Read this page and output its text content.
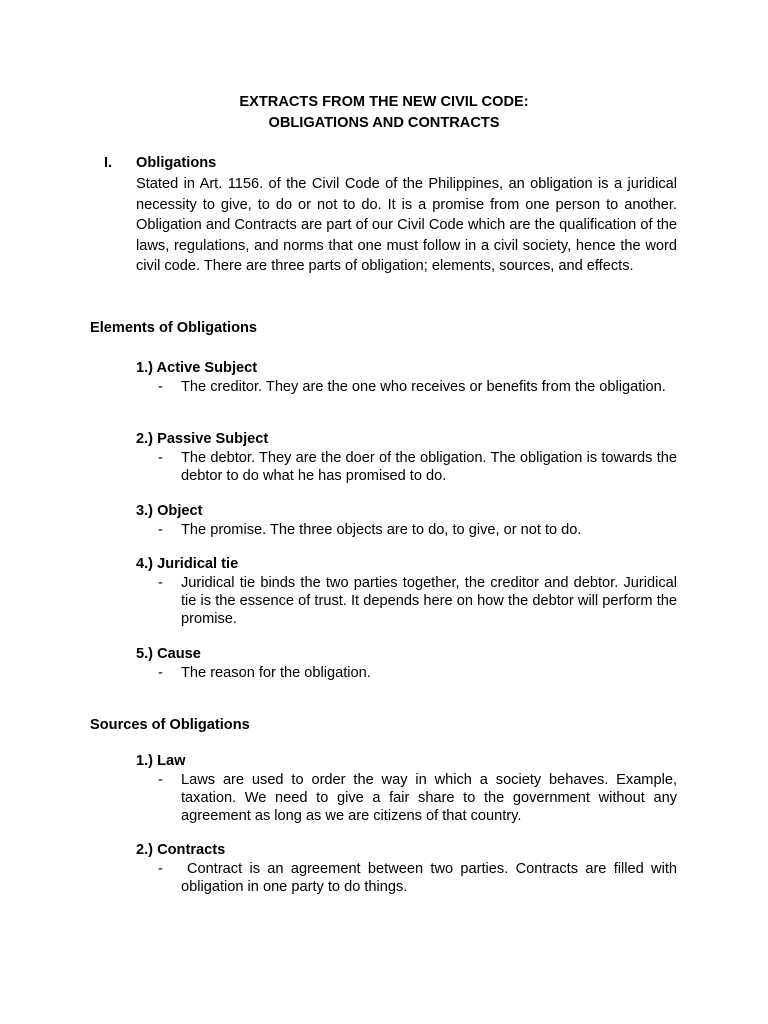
EXTRACTS FROM THE NEW CIVIL CODE:
OBLIGATIONS AND CONTRACTS
I. Obligations

Stated in Art. 1156. of the Civil Code of the Philippines, an obligation is a juridical necessity to give, to do or not to do. It is a promise from one person to another. Obligation and Contracts are part of our Civil Code which are the qualification of the laws, regulations, and norms that one must follow in a civil society, hence the word civil code. There are three parts of obligation; elements, sources, and effects.

Elements of Obligations
1.) Active Subject
- The creditor. They are the one who receives or benefits from the obligation.

2.) Passive Subject
- The debtor. They are the doer of the obligation. The obligation is towards the debtor to do what he has promised to do.

3.) Object
- The promise. The three objects are to do, to give, or not to do.

4.) Juridical tie
- Juridical tie binds the two parties together, the creditor and debtor. Juridical tie is the essence of trust. It depends here on how the debtor will perform the promise.

5.) Cause
- The reason for the obligation.

Sources of Obligations
1.) Law
- Laws are used to order the way in which a society behaves. Example, taxation. We need to give a fair share to the government without any agreement as long as we are citizens of that country.

2.) Contracts
-	Contract is an agreement between two parties. Contracts are filled with obligation in one party to do things.
